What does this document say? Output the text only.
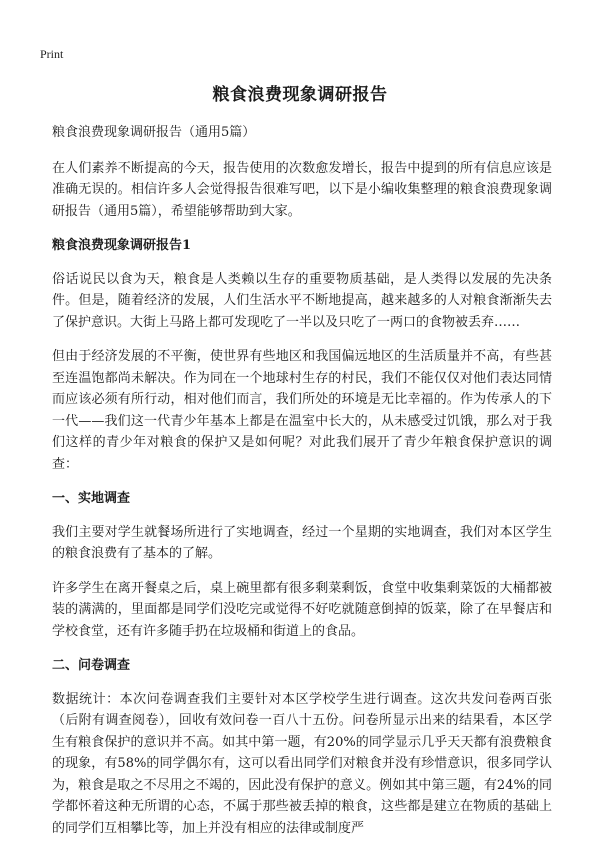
Print
粮食浪费现象调研报告

粮食浪费现象调研报告（通用5篇）

在人们素养不断提高的今天，报告使用的次数愈发增长，报告中提到的所有信息应该是准确无误的。相信许多人会觉得报告很难写吧，以下是小编收集整理的粮食浪费现象调研报告（通用5篇），希望能够帮助到大家。

粮食浪费现象调研报告1

俗话说民以食为天，粮食是人类赖以生存的重要物质基础，是人类得以发展的先决条件。但是，随着经济的发展，人们生活水平不断地提高，越来越多的人对粮食渐渐失去了保护意识。大街上马路上都可发现吃了一半以及只吃了一两口的食物被丢弃……

但由于经济发展的不平衡，使世界有些地区和我国偏远地区的生活质量并不高，有些甚至连温饱都尚未解决。作为同在一个地球村生存的村民，我们不能仅仅对他们表达同情而应该必须有所行动，相对他们而言，我们所处的环境是无比幸福的。作为传承人的下一代——我们这一代青少年基本上都是在温室中长大的，从未感受过饥饿，那么对于我们这样的青少年对粮食的保护又是如何呢？对此我们展开了青少年粮食保护意识的调查：

一、实地调查

我们主要对学生就餐场所进行了实地调查，经过一个星期的实地调查，我们对本区学生的粮食浪费有了基本的了解。

许多学生在离开餐桌之后，桌上碗里都有很多剩菜剩饭，食堂中收集剩菜饭的大桶都被装的满满的，里面都是同学们没吃完或觉得不好吃就随意倒掉的饭菜，除了在早餐店和学校食堂，还有许多随手扔在垃圾桶和街道上的食品。

二、问卷调查

数据统计：本次问卷调查我们主要针对本区学校学生进行调查。这次共发问卷两百张（后附有调查阅卷），回收有效问卷一百八十五份。问卷所显示出来的结果看，本区学生有粮食保护的意识并不高。如其中第一题，有20%的同学显示几乎天天都有浪费粮食的现象，有58%的同学偶尔有，这可以看出同学们对粮食并没有珍惜意识，很多同学认为，粮食是取之不尽用之不竭的，因此没有保护的意义。例如其中第三题，有24%的同学都怀着这种无所谓的心态，不属于那些被丢掉的粮食，这些都是建立在物质的基础上的同学们互相攀比等，加上并没有相应的法律或制度严
